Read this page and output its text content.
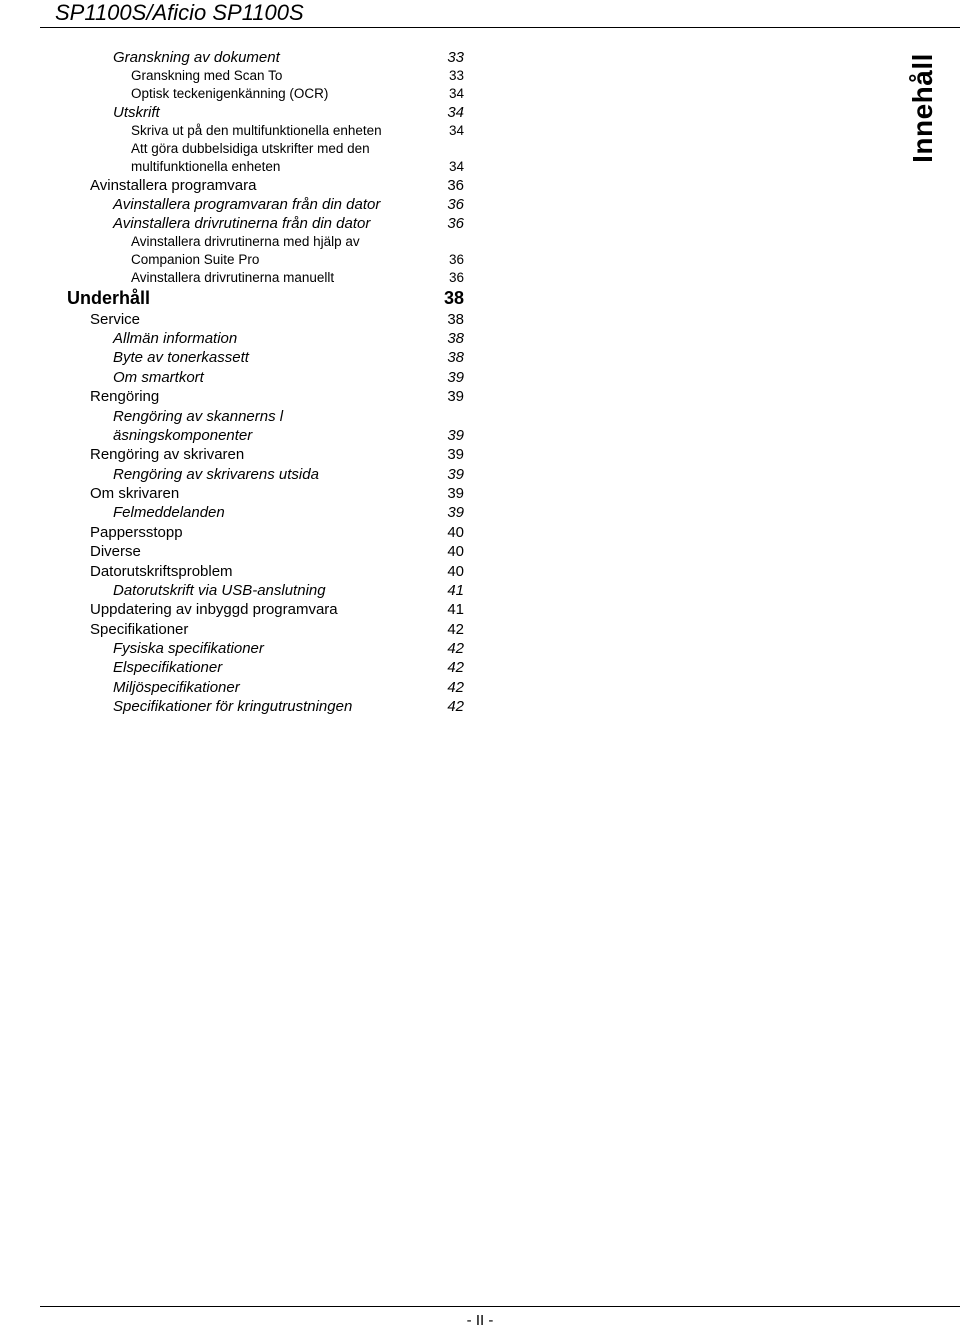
SP1100S/Aficio SP1100S
Innehåll
Granskning av dokument	33
Granskning med Scan To	33
Optisk teckenigenkänning (OCR)	34
Utskrift	34
Skriva ut på den multifunktionella enheten	34
Att göra dubbelsidiga utskrifter med den
multifunktionella enheten	34
Avinstallera programvara	36
Avinstallera programvaran från din dator	36
Avinstallera drivrutinerna från din dator	36
Avinstallera drivrutinerna med hjälp av
Companion Suite Pro	36
Avinstallera drivrutinerna manuellt	36
Underhåll	38
Service	38
Allmän information	38
Byte av tonerkassett	38
Om smartkort	39
Rengöring	39
Rengöring av skannerns l
äsningskomponenter	39
Rengöring av skrivaren	39
Rengöring av skrivarens utsida	39
Om skrivaren	39
Felmeddelanden	39
Pappersstopp	40
Diverse	40
Datorutskriftsproblem	40
Datorutskrift via USB-anslutning	41
Uppdatering av inbyggd programvara	41
Specifikationer	42
Fysiska specifikationer	42
Elspecifikationer	42
Miljöspecifikationer	42
Specifikationer för kringutrustningen	42
- II -
